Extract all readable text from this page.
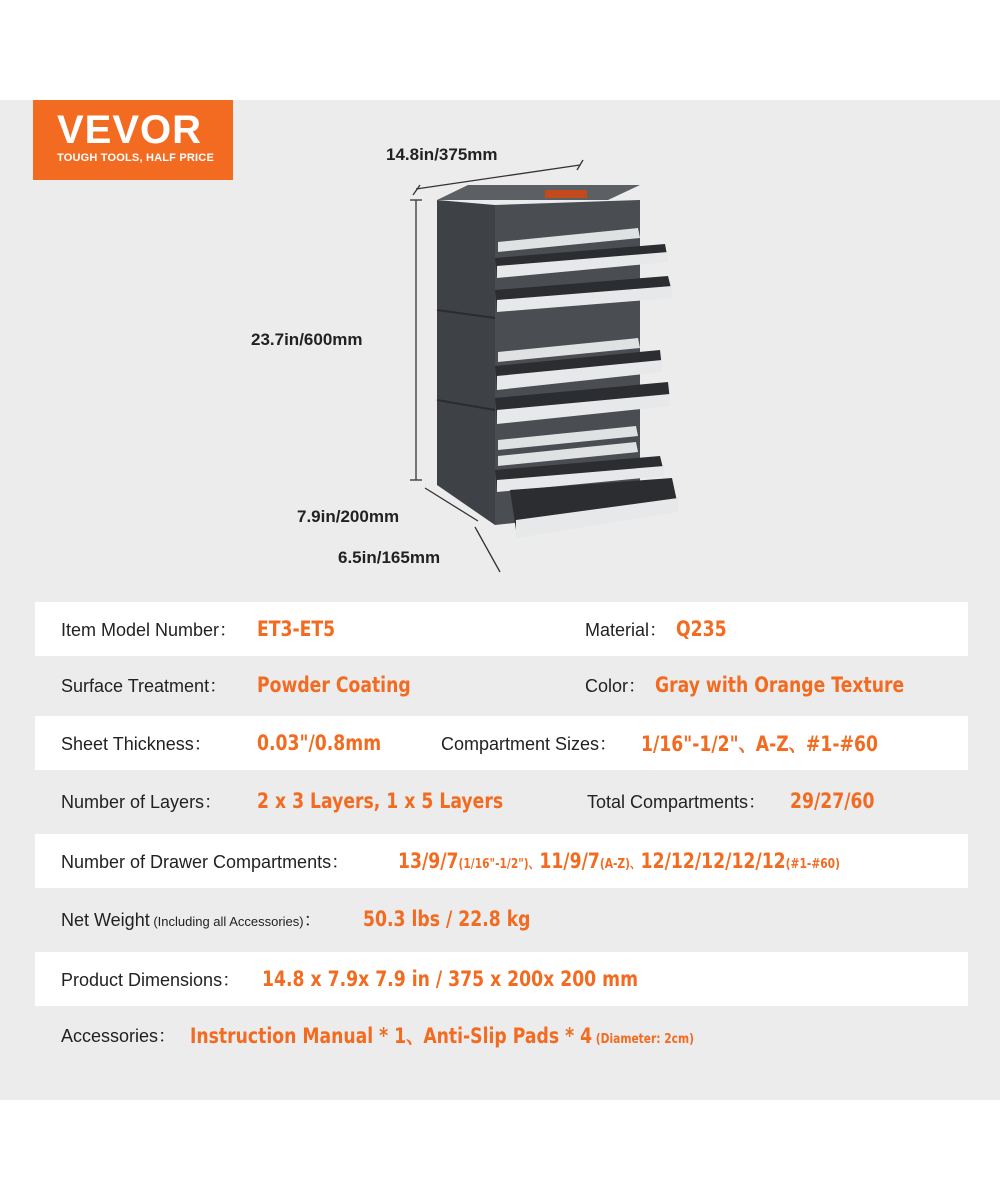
VEVOR
TOUGH TOOLS, HALF PRICE	14.8in/375mm
23.7in/600mm
7.9in/200mm
6.5in/165mm
Item Model Number： ET3-ET5	Material： Q235
Surface Treatment： Powder Coating	Color： Gray with Orange Texture
Sheet Thickness： 0.03"/0.8mm	Compartment Sizes： 1/16"-1/2"、A-Z、#1-#60
Number of Layers： 2 x 3 Layers, 1 x 5 Layers	Total Compartments： 29/27/60
Number of Drawer Compartments： 13/9/7(1/16"-1/2")、11/9/7(A-Z)、12/12/12/12/12(#1-#60)
Net Weight (Including all Accessories)： 50.3 lbs / 22.8 kg
Product Dimensions： 14.8 x 7.9x 7.9 in / 375 x 200x 200 mm
Accessories： Instruction Manual * 1、Anti-Slip Pads * 4 (Diameter: 2cm)
